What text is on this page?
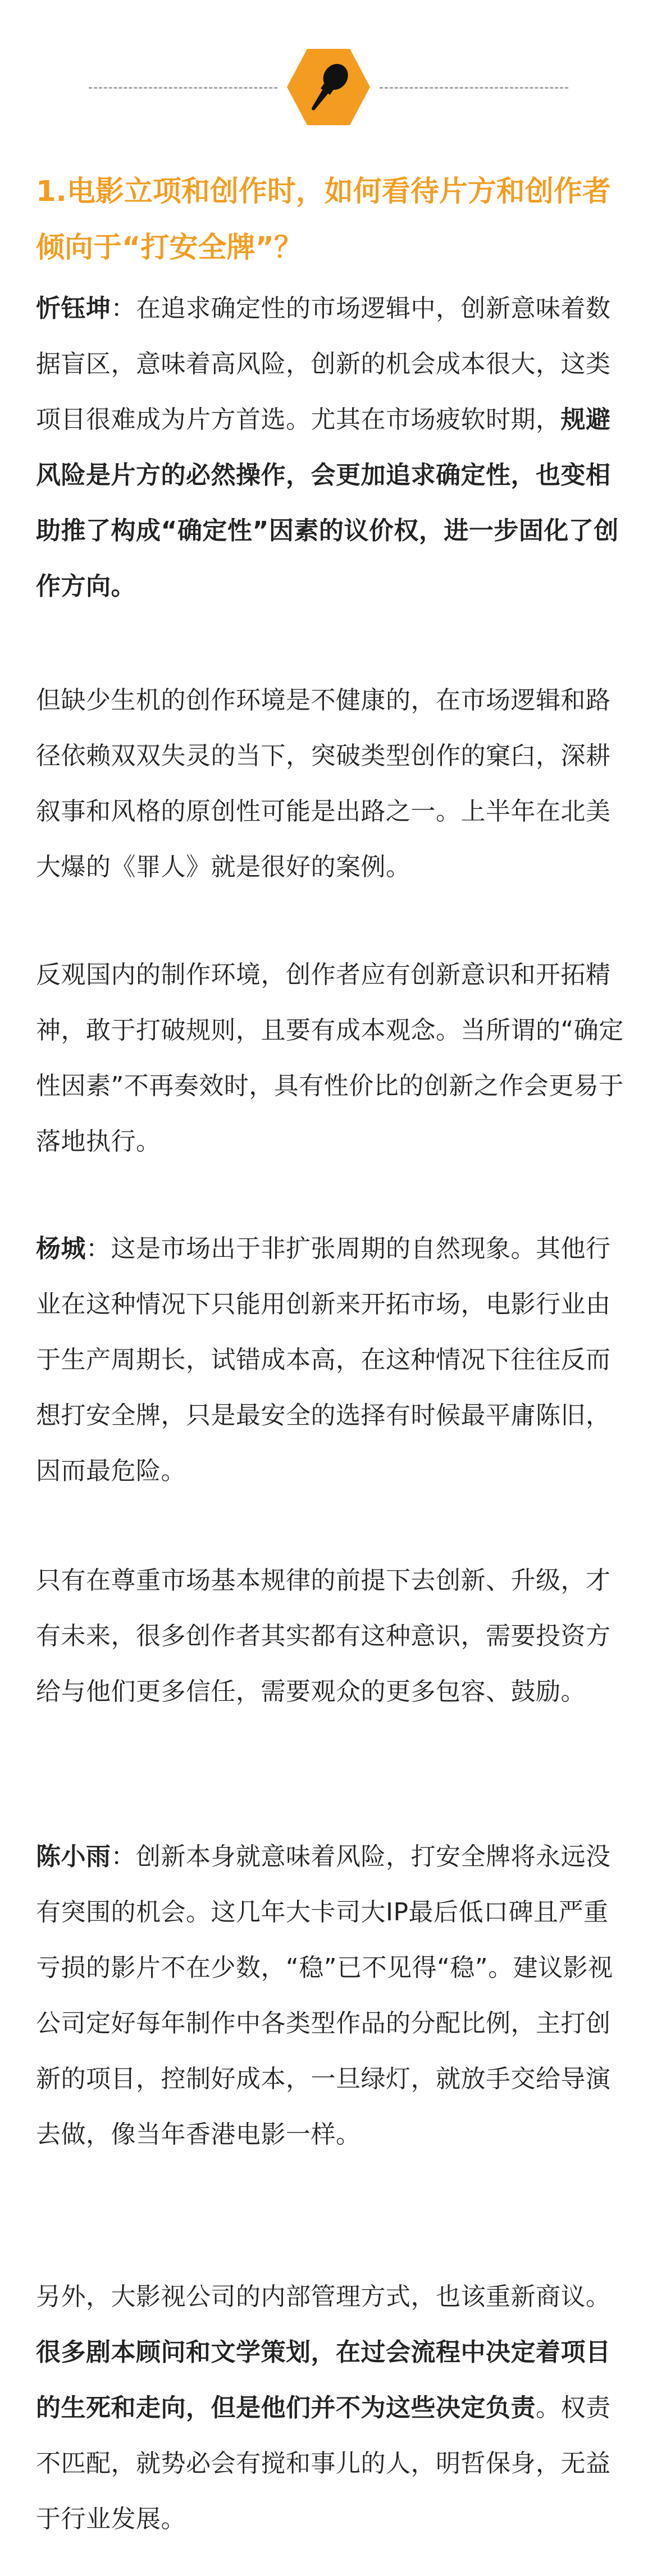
1.电影立项和创作时，如何看待片方和创作者倾向于“打安全牌”？

忻钰坤：在追求确定性的市场逻辑中，创新意味着数据盲区，意味着高风险，创新的机会成本很大，这类项目很难成为片方首选。尤其在市场疲软时期，规避风险是片方的必然操作，会更加追求确定性，也变相助推了构成“确定性”因素的议价权，进一步固化了创作方向。

但缺少生机的创作环境是不健康的，在市场逻辑和路径依赖双双失灵的当下，突破类型创作的窠臼，深耕叙事和风格的原创性可能是出路之一。上半年在北美大爆的《罪人》就是很好的案例。

反观国内的制作环境，创作者应有创新意识和开拓精神，敢于打破规则，且要有成本观念。当所谓的“确定性因素”不再奏效时，具有性价比的创新之作会更易于落地执行。

杨城：这是市场出于非扩张周期的自然现象。其他行业在这种情况下只能用创新来开拓市场，电影行业由于生产周期长，试错成本高，在这种情况下往往反而想打安全牌，只是最安全的选择有时候最平庸陈旧，因而最危险。

只有在尊重市场基本规律的前提下去创新、升级，才有未来，很多创作者其实都有这种意识，需要投资方给与他们更多信任，需要观众的更多包容、鼓励。

陈小雨：创新本身就意味着风险，打安全牌将永远没有突围的机会。这几年大卡司大IP最后低口碑且严重亏损的影片不在少数，“稳”已不见得“稳”。建议影视公司定好每年制作中各类型作品的分配比例，主打创新的项目，控制好成本，一旦绿灯，就放手交给导演去做，像当年香港电影一样。

另外，大影视公司的内部管理方式，也该重新商议。很多剧本顾问和文学策划，在过会流程中决定着项目的生死和走向，但是他们并不为这些决定负责。权责不匹配，就势必会有搅和事儿的人，明哲保身，无益于行业发展。
